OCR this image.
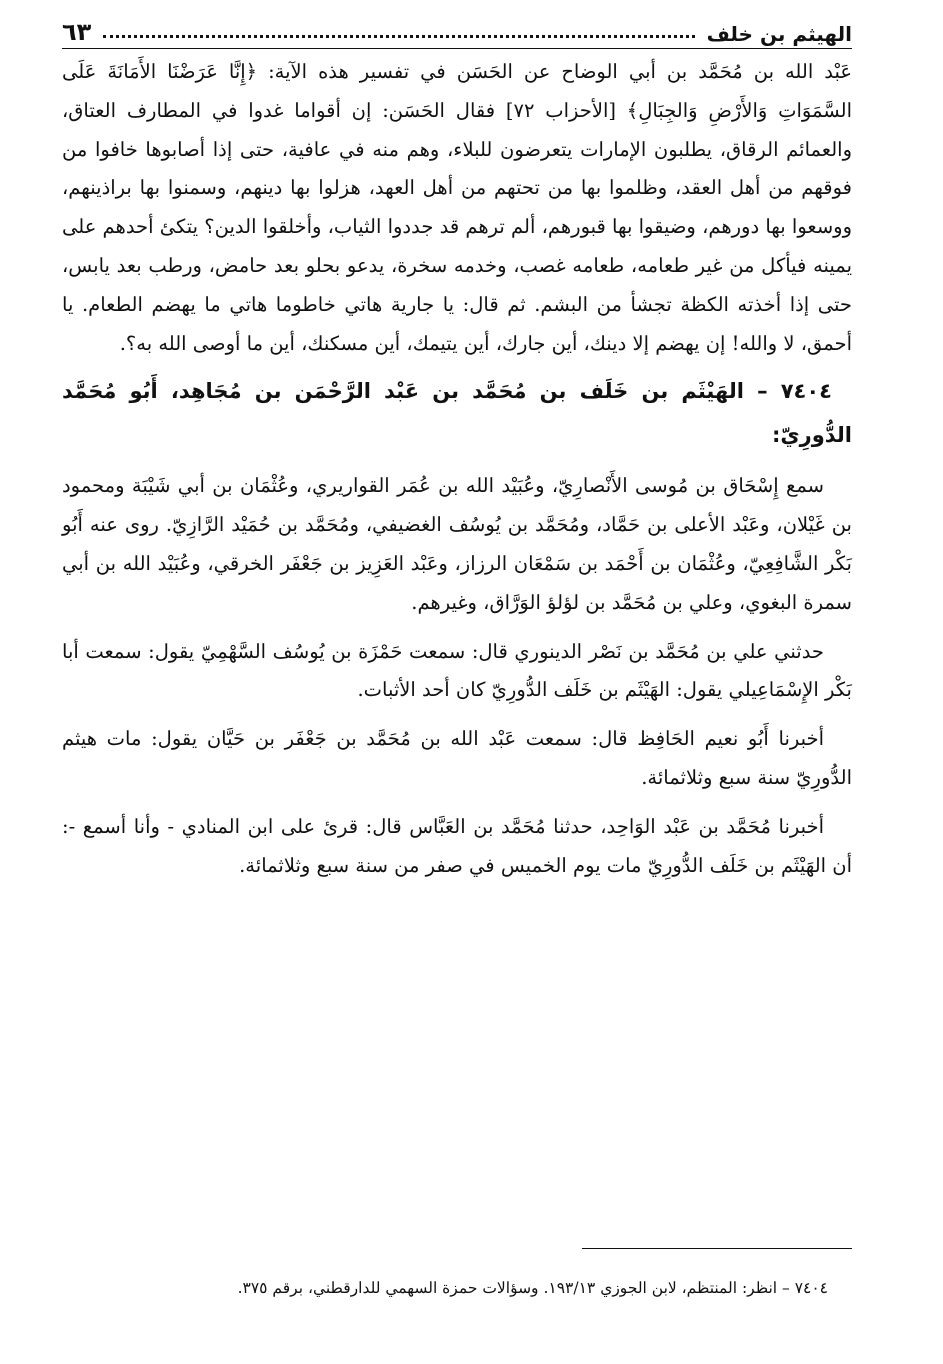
الهيثم بن خلف
٦٣

عَبْد الله بن مُحَمَّد بن أبي الوضاح عن الحَسَن في تفسير هذه الآية: ﴿إِنَّا عَرَضْنَا الأَمَانَةَ عَلَى السَّمَوَاتِ وَالأَرْضِ وَالجِبَالِ﴾ [الأحزاب ٧٢] فقال الحَسَن: إن أقواما غدوا في المطارف العتاق، والعمائم الرقاق، يطلبون الإمارات يتعرضون للبلاء، وهم منه في عافية، حتى إذا أصابوها خافوا من فوقهم من أهل العقد، وظلموا بها من تحتهم من أهل العهد، هزلوا بها دينهم، وسمنوا بها براذينهم، ووسعوا بها دورهم، وضيقوا بها قبورهم، ألم ترهم قد جددوا الثياب، وأخلقوا الدين؟ يتكئ أحدهم على يمينه فيأكل من غير طعامه، طعامه غصب، وخدمه سخرة، يدعو بحلو بعد حامض، ورطب بعد يابس، حتى إذا أخذته الكظة تجشأ من البشم. ثم قال: يا جارية هاتي خاطوما هاتي ما يهضم الطعام. يا أحمق، لا والله! إن يهضم إلا دينك، أين جارك، أين يتيمك، أين مسكنك، أين ما أوصى الله به؟.

٧٤٠٤ – الهَيْثَم بن خَلَف بن مُحَمَّد بن عَبْد الرَّحْمَن بن مُجَاهِد، أَبُو مُحَمَّد الدُّورِيّ:

سمع إِسْحَاق بن مُوسى الأَنْصارِيّ، وعُبَيْد الله بن عُمَر القواريري، وعُثْمَان بن أبي شَيْبَة ومحمود بن غَيْلان، وعَبْد الأعلى بن حَمَّاد، ومُحَمَّد بن يُوسُف الغضيفي، ومُحَمَّد بن حُمَيْد الرَّازِيّ. روى عنه أَبُو بَكْر الشَّافِعِيّ، وعُثْمَان بن أَحْمَد بن سَمْعَان الرزاز، وعَبْد العَزِيز بن جَعْفَر الخرقي، وعُبَيْد الله بن أبي سمرة البغوي، وعلي بن مُحَمَّد بن لؤلؤ الوَرَّاق، وغيرهم.

حدثني علي بن مُحَمَّد بن نَصْر الدينوري قال: سمعت حَمْزَة بن يُوسُف السَّهْمِيّ يقول: سمعت أبا بَكْر الإِسْمَاعِيلي يقول: الهَيْثَم بن خَلَف الدُّورِيّ كان أحد الأثبات.

أخبرنا أَبُو نعيم الحَافِظ قال: سمعت عَبْد الله بن مُحَمَّد بن جَعْفَر بن حَيَّان يقول: مات هيثم الدُّورِيّ سنة سبع وثلاثمائة.

أخبرنا مُحَمَّد بن عَبْد الوَاحِد، حدثنا مُحَمَّد بن العَبَّاس قال: قرئ على ابن المنادي - وأنا أسمع -: أن الهَيْثَم بن خَلَف الدُّورِيّ مات يوم الخميس في صفر من سنة سبع وثلاثمائة.

٧٤٠٤ – انظر: المنتظم، لابن الجوزي ١٩٣/١٣. وسؤالات حمزة السهمي للدارقطني، برقم ٣٧٥.
